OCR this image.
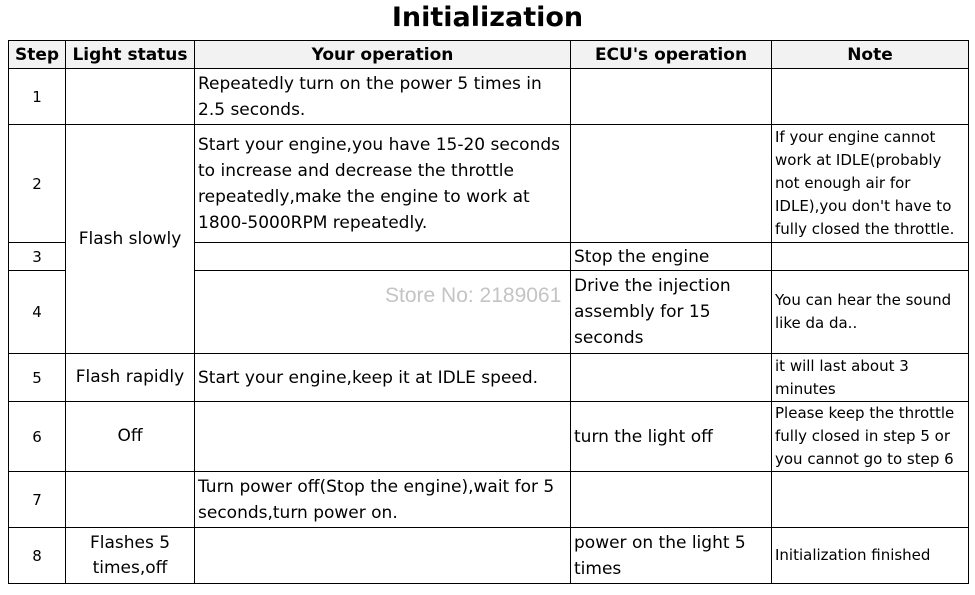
Initialization
Step	Light status	Your operation	ECU's operation	Note
1		Repeatedly turn on the power 5 times in 2.5 seconds.		
2	Flash slowly	Start your engine,you have 15-20 seconds to increase and decrease the throttle repeatedly,make the engine to work at 1800-5000RPM repeatedly.		If your engine cannot work at IDLE(probably not enough air for IDLE),you don't have to fully closed the throttle.
3			Stop the engine	
4			Drive the injection assembly for 15 seconds	You can hear the sound like da da..
5	Flash rapidly	Start your engine,keep it at IDLE speed.		it will last about 3 minutes
6	Off		turn the light off	Please keep the throttle fully closed in step 5 or you cannot go to step 6
7		Turn power off(Stop the engine),wait for 5 seconds,turn power on.		
8	Flashes 5 times,off		power on the light 5 times	Initialization finished
Store No: 2189061
